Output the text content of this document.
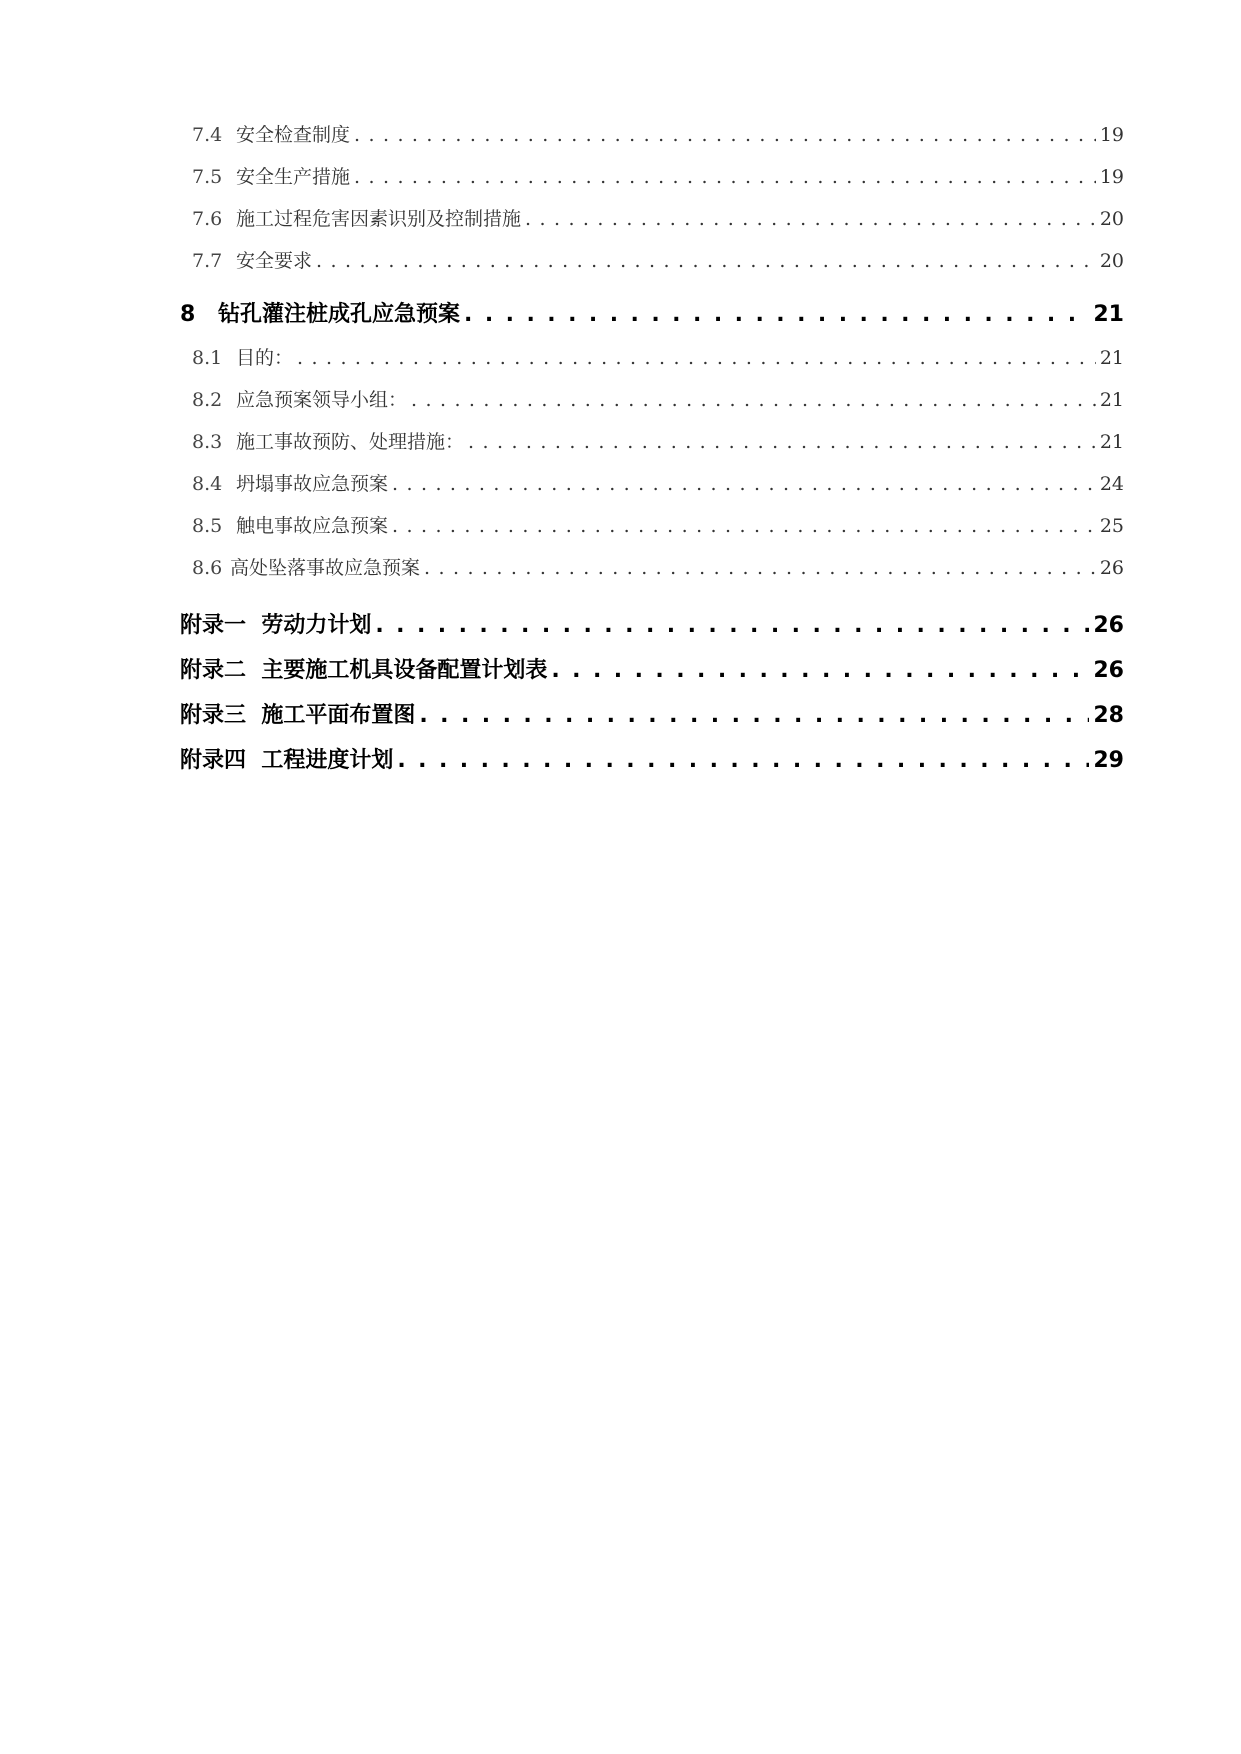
7.4 安全检查制度 . . .	19
7.5 安全生产措施 . . .	19
7.6 施工过程危害因素识别及控制措施 . . .	20
7.7 安全要求 . . .	20
8 钻孔灌注桩成孔应急预案 . . .	21
8.1 目的： . . .	21
8.2 应急预案领导小组： . . .	21
8.3 施工事故预防、处理措施： . . .	21
8.4 坍塌事故应急预案 . . .	24
8.5 触电事故应急预案 . . .	25
8.6 高处坠落事故应急预案 . . .	26
附录一  劳动力计划 . . .	26
附录二  主要施工机具设备配置计划表 . . .	26
附录三  施工平面布置图 . . .	28
附录四  工程进度计划 . . .	29
